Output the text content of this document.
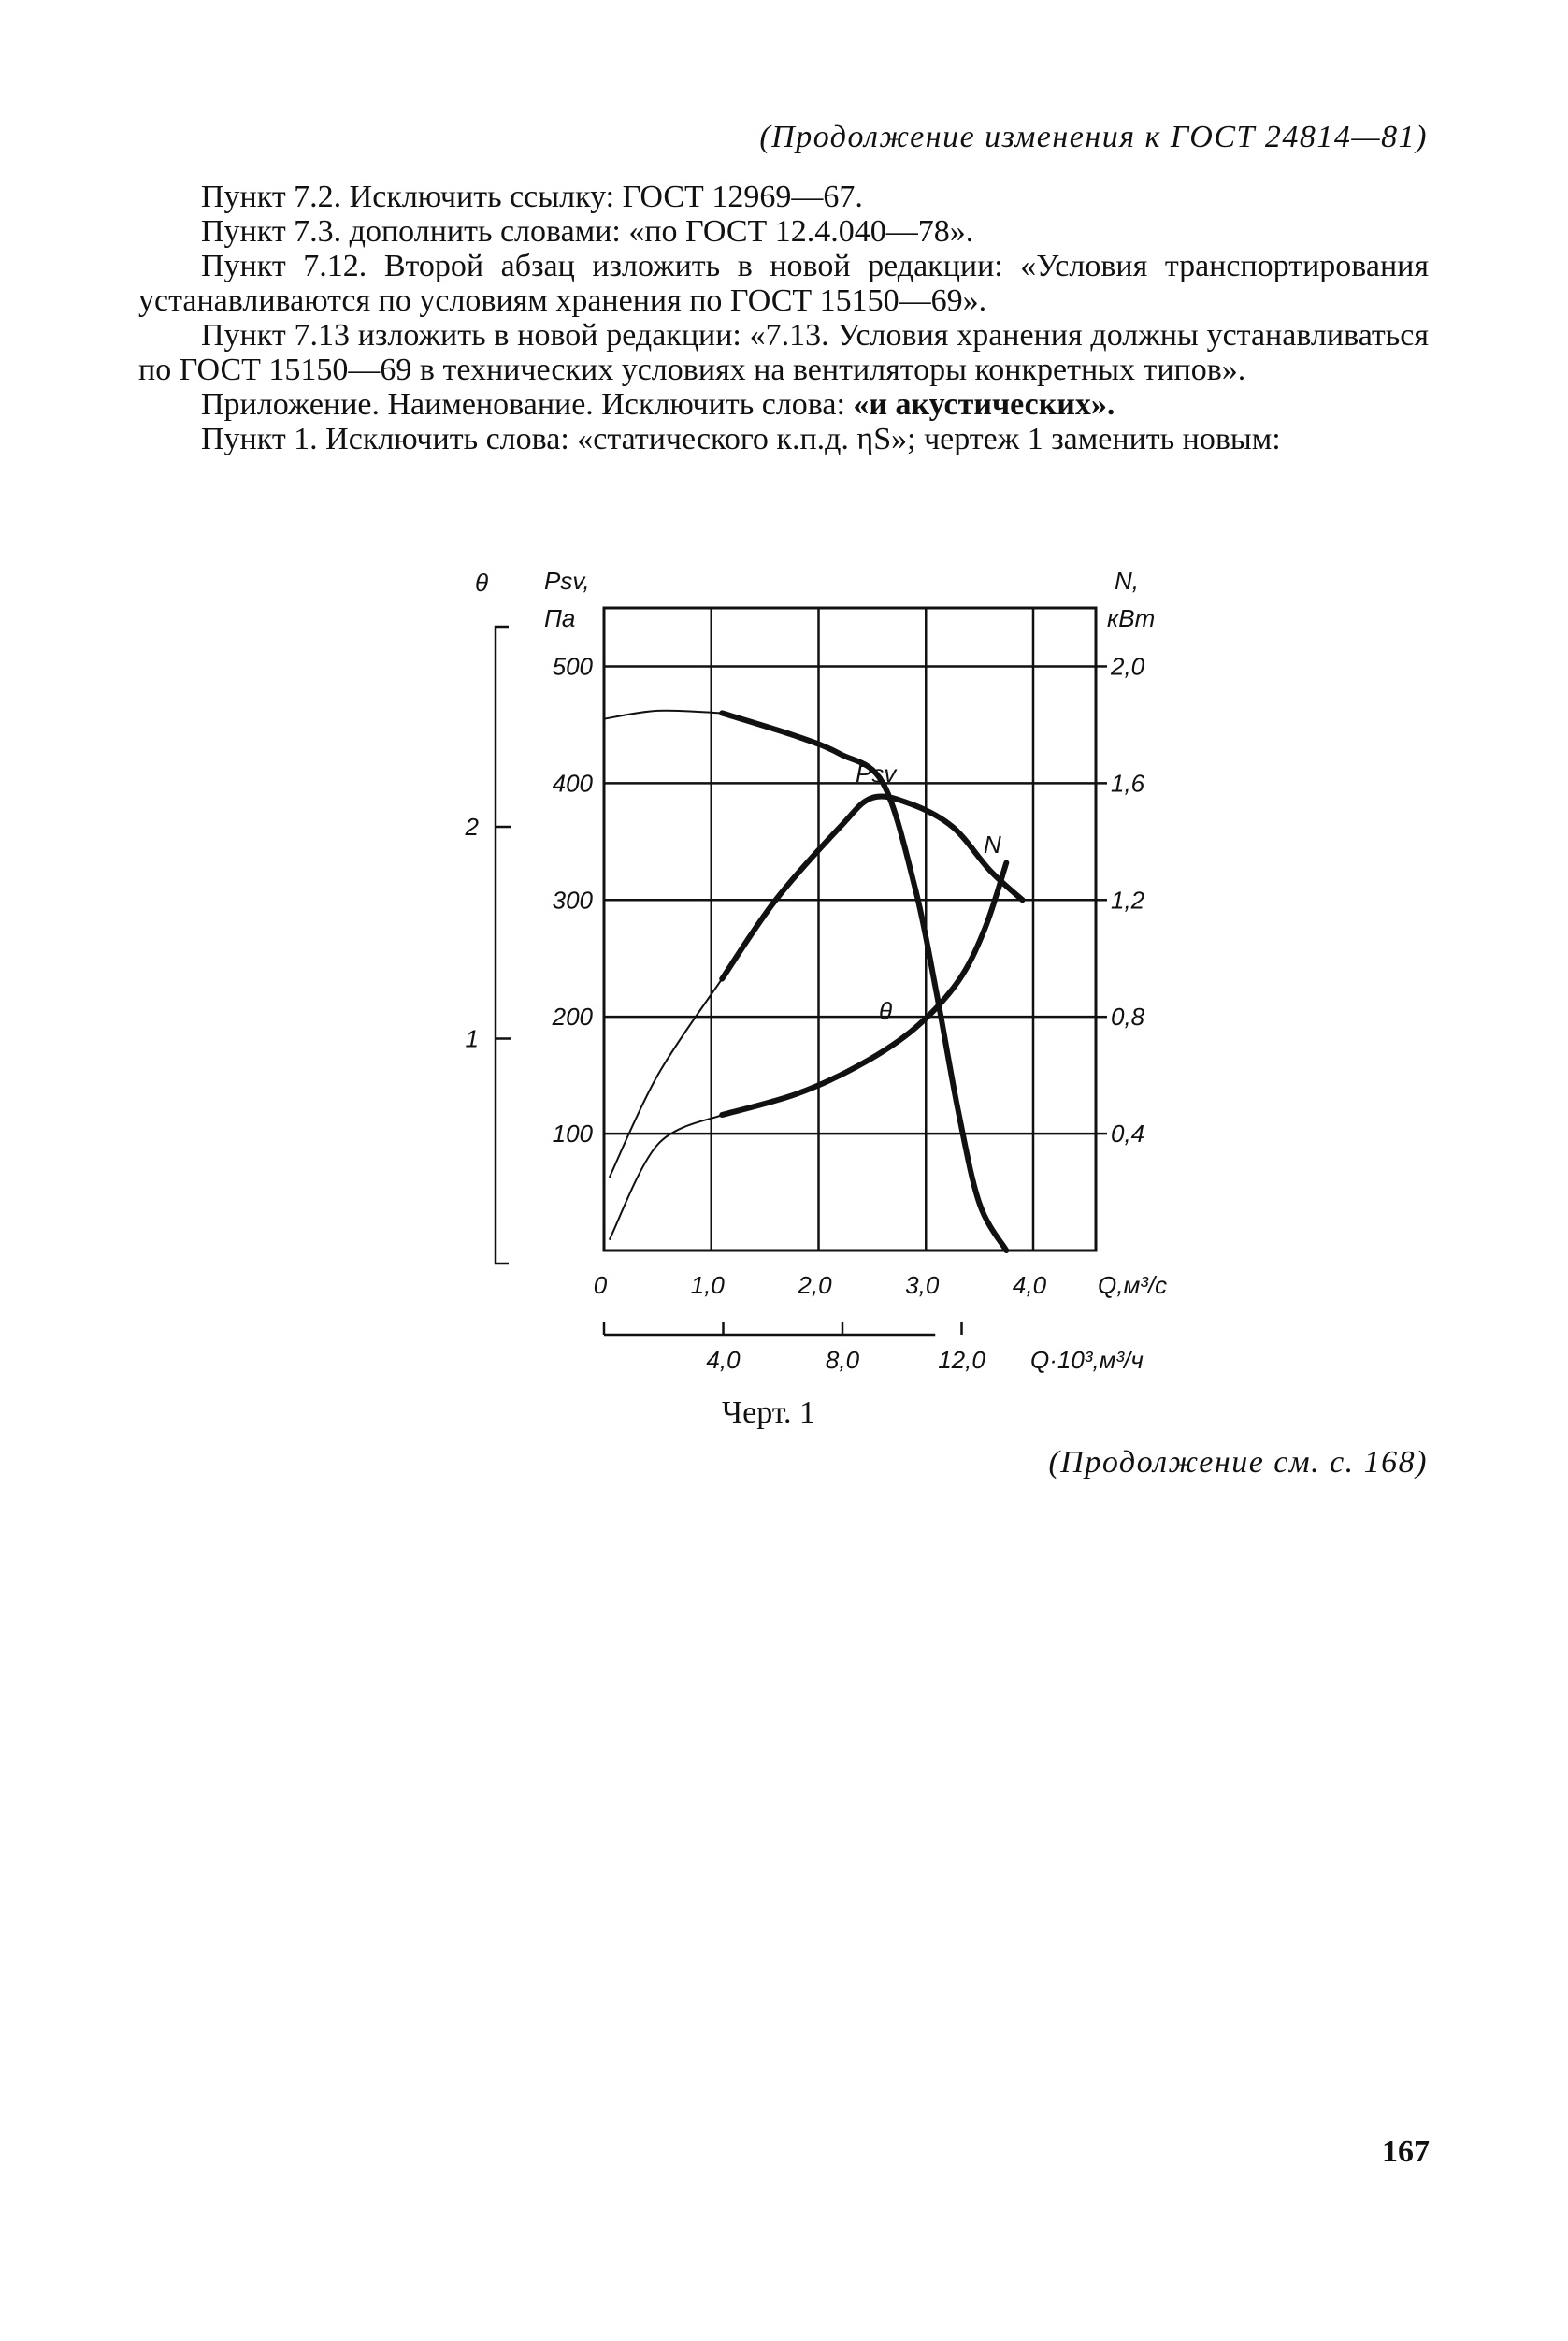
(Продолжение изменения к ГОСТ 24814—81)

Пункт 7.2. Исключить ссылку: ГОСТ 12969—67.

Пункт 7.3. дополнить словами: «по ГОСТ 12.4.040—78».

Пункт 7.12. Второй абзац изложить в новой редакции: «Условия транспортирования устанавливаются по условиям хранения по ГОСТ 15150—69».

Пункт 7.13 изложить в новой редакции: «7.13. Условия хранения должны устанавливаться по ГОСТ 15150—69 в технических условиях на вентиляторы конкретных типов».

Приложение. Наименование. Исключить слова: «и акустических».

Пункт 1. Исключить слова: «статического к.п.д. ηS»; чертеж 1 заменить новым:

100
200
300
400
500
0,4
0,8
1,2
1,6
2,0
0	1,0	2,0	3,0	4,0 Q,м³/с
4,0	8,0	12,0 Q·10³,м³/ч
1
2
θ Psv,
Па
N,
кВт
Psv
N
θ
Черт. 1
(Продолжение см. с. 168)
167
